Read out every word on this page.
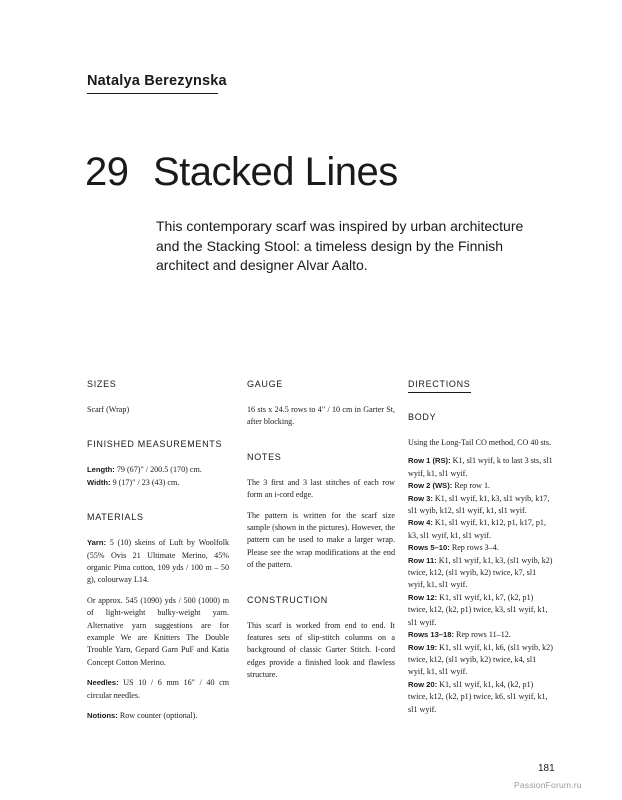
Natalya Berezynska
29 Stacked Lines
This contemporary scarf was inspired by urban architecture and the Stacking Stool: a timeless design by the Finnish architect and designer Alvar Aalto.
SIZES

Scarf (Wrap)

FINISHED MEASUREMENTS

Length: 79 (67)" / 200.5 (170) cm.

Width: 9 (17)" / 23 (43) cm.

MATERIALS

Yarn: 5 (10) skeins of Luft by Woolfolk (55% Ovis 21 Ultimate Merino, 45% organic Pima cotton, 109 yds / 100 m – 50 g), colourway L14.

Or approx. 545 (1090) yds / 500 (1000) m of light-weight bulky-weight yarn. Alternative yarn suggestions are for example We are Knitters The Double Trouble Yarn, Gepard Garn PuF and Katia Concept Cotton Merino.

Needles: US 10 / 6 mm 16" / 40 cm circular needles.

Notions: Row counter (optional).

GAUGE

16 sts x 24.5 rows to 4" / 10 cm in Garter St, after blocking.

NOTES

The 3 first and 3 last stitches of each row form an i-cord edge.

The pattern is written for the scarf size sample (shown in the pictures). However, the pattern can be used to make a larger wrap. Please see the wrap modifications at the end of the pattern.

CONSTRUCTION

This scarf is worked from end to end. It features sets of slip-stitch columns on a background of classic Garter Stitch. I-cord edges provide a finished look and flawless structure.

DIRECTIONS
BODY

Using the Long-Tail CO method, CO 40 sts.

Row 1 (RS): K1, sl1 wyif, k to last 3 sts, sl1 wyif, k1, sl1 wyif.

Row 2 (WS): Rep row 1.

Row 3: K1, sl1 wyif, k1, k3, sl1 wyib, k17, sl1 wyib, k12, sl1 wyif, k1, sl1 wyif.

Row 4: K1, sl1 wyif, k1, k12, p1, k17, p1, k3, sl1 wyif, k1, sl1 wyif.

Rows 5–10: Rep rows 3–4.

Row 11: K1, sl1 wyif, k1, k3, (sl1 wyib, k2) twice, k12, (sl1 wyib, k2) twice, k7, sl1 wyif, k1, sl1 wyif.

Row 12: K1, sl1 wyif, k1, k7, (k2, p1) twice, k12, (k2, p1) twice, k3, sl1 wyif, k1, sl1 wyif.

Rows 13–18: Rep rows 11–12.

Row 19: K1, sl1 wyif, k1, k6, (sl1 wyib, k2) twice, k12, (sl1 wyib, k2) twice, k4, sl1 wyif, k1, sl1 wyif.

Row 20: K1, sl1 wyif, k1, k4, (k2, p1) twice, k12, (k2, p1) twice, k6, sl1 wyif, k1, sl1 wyif.

181
PassionForum.ru
